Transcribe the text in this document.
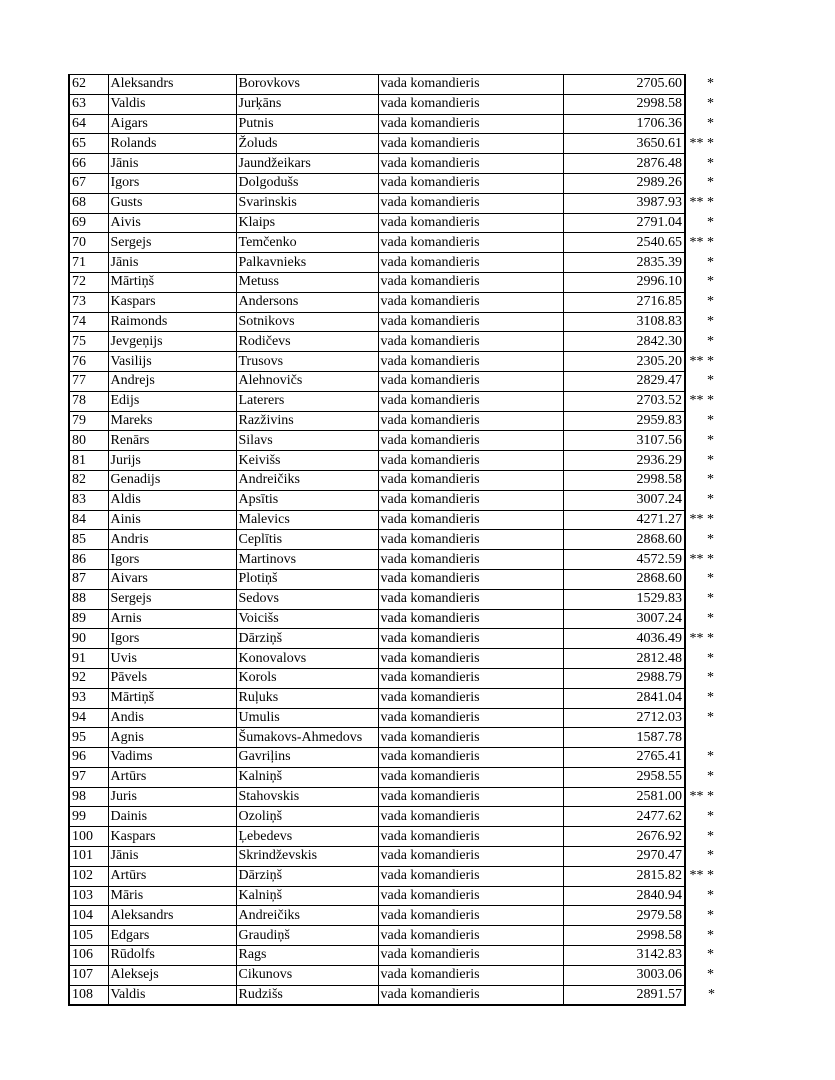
62	Aleksandrs	Borovkovs	vada komandieris	2705.60	*
63	Valdis	Jurķāns	vada komandieris	2998.58	*
64	Aigars	Putnis	vada komandieris	1706.36	*
65	Rolands	Žoluds	vada komandieris	3650.61	** *
66	Jānis	Jaundžeikars	vada komandieris	2876.48	*
67	Igors	Dolgodušs	vada komandieris	2989.26	*
68	Gusts	Svarinskis	vada komandieris	3987.93	** *
69	Aivis	Klaips	vada komandieris	2791.04	*
70	Sergejs	Temčenko	vada komandieris	2540.65	** *
71	Jānis	Palkavnieks	vada komandieris	2835.39	*
72	Mārtiņš	Metuss	vada komandieris	2996.10	*
73	Kaspars	Andersons	vada komandieris	2716.85	*
74	Raimonds	Sotnikovs	vada komandieris	3108.83	*
75	Jevgeņijs	Rodičevs	vada komandieris	2842.30	*
76	Vasilijs	Trusovs	vada komandieris	2305.20	** *
77	Andrejs	Alehnovičs	vada komandieris	2829.47	*
78	Edijs	Laterers	vada komandieris	2703.52	** *
79	Mareks	Razživins	vada komandieris	2959.83	*
80	Renārs	Silavs	vada komandieris	3107.56	*
81	Jurijs	Keivišs	vada komandieris	2936.29	*
82	Genadijs	Andreičiks	vada komandieris	2998.58	*
83	Aldis	Apsītis	vada komandieris	3007.24	*
84	Ainis	Malevics	vada komandieris	4271.27	** *
85	Andris	Ceplītis	vada komandieris	2868.60	*
86	Igors	Martinovs	vada komandieris	4572.59	** *
87	Aivars	Plotiņš	vada komandieris	2868.60	*
88	Sergejs	Sedovs	vada komandieris	1529.83	*
89	Arnis	Voicišs	vada komandieris	3007.24	*
90	Igors	Dārziņš	vada komandieris	4036.49	** *
91	Uvis	Konovalovs	vada komandieris	2812.48	*
92	Pāvels	Korols	vada komandieris	2988.79	*
93	Mārtiņš	Ruļuks	vada komandieris	2841.04	*
94	Andis	Umulis	vada komandieris	2712.03	*
95	Agnis	Šumakovs-Ahmedovs	vada komandieris	1587.78	
96	Vadims	Gavriļins	vada komandieris	2765.41	*
97	Artūrs	Kalniņš	vada komandieris	2958.55	*
98	Juris	Stahovskis	vada komandieris	2581.00	** *
99	Dainis	Ozoliņš	vada komandieris	2477.62	*
100	Kaspars	Ļebedevs	vada komandieris	2676.92	*
101	Jānis	Skrindževskis	vada komandieris	2970.47	*
102	Artūrs	Dārziņš	vada komandieris	2815.82	** *
103	Māris	Kalniņš	vada komandieris	2840.94	*
104	Aleksandrs	Andreičiks	vada komandieris	2979.58	*
105	Edgars	Graudiņš	vada komandieris	2998.58	*
106	Rūdolfs	Rags	vada komandieris	3142.83	*
107	Aleksejs	Cikunovs	vada komandieris	3003.06	*
108	Valdis	Rudzišs	vada komandieris	2891.57	*
